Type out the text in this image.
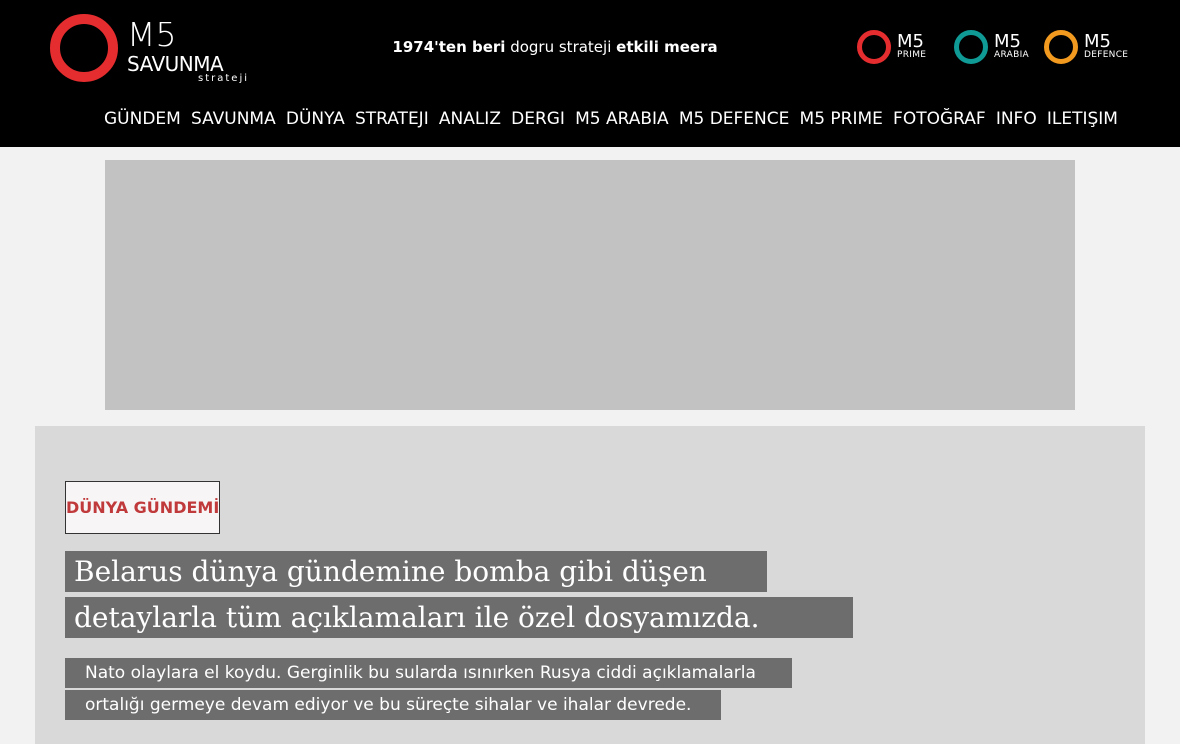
M5
SAVUNMA
strateji
1974'ten beri dogru strateji etkili meera	M5
PRIME
M5
ARABIA
M5
DEFENCE
GÜNDEM SAVUNMA DÜNYA STRATEJI ANALIZ DERGI M5 ARABIA M5 DEFENCE M5 PRIME FOTOĞRAF INFO ILETIŞIM
DÜNYA GÜNDEMİ
Belarus dünya gündemine bomba gibi düşen
detaylarla tüm açıklamaları ile özel dosyamızda.
Nato olaylara el koydu. Gerginlik bu sularda ısınırken Rusya ciddi açıklamalarla
ortalığı germeye devam ediyor ve bu süreçte sihalar ve ihalar devrede.
